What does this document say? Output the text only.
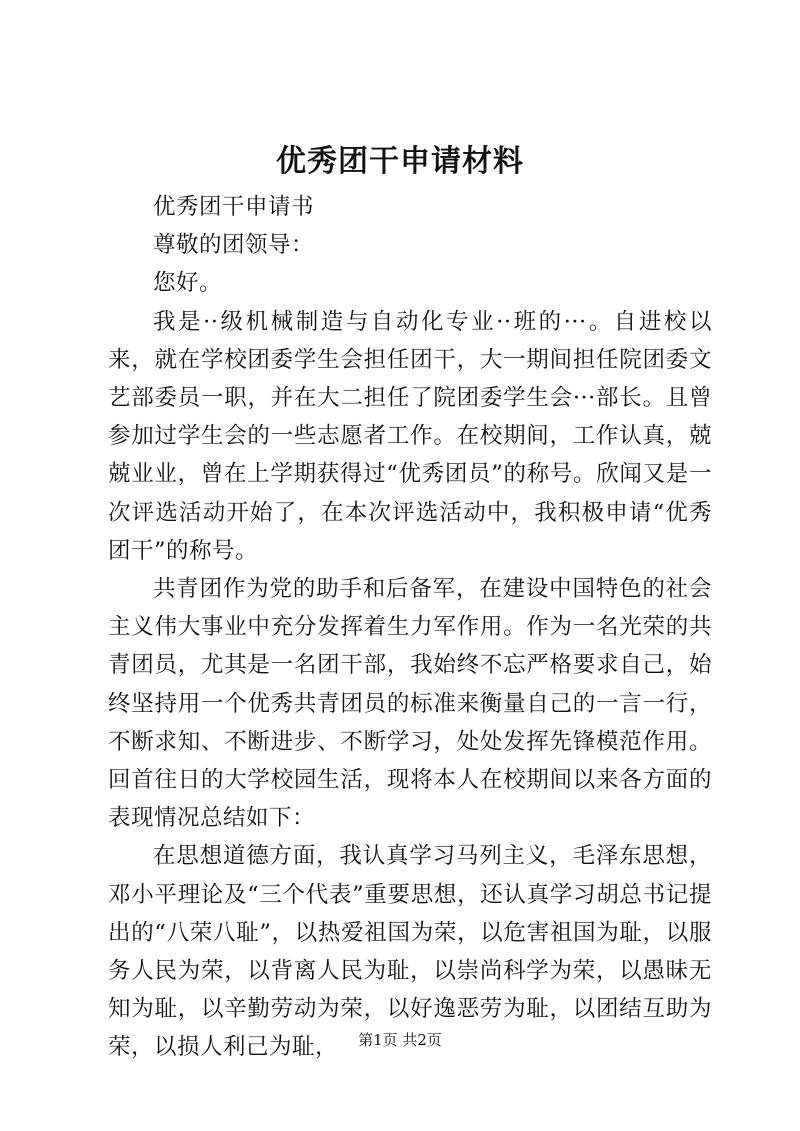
优秀团干申请材料

优秀团干申请书

尊敬的团领导：

您好。

我是··级机械制造与自动化专业··班的···。自进校以来，就在学校团委学生会担任团干，大一期间担任院团委文艺部委员一职，并在大二担任了院团委学生会···部长。且曾参加过学生会的一些志愿者工作。在校期间，工作认真，兢兢业业，曾在上学期获得过“优秀团员”的称号。欣闻又是一次评选活动开始了，在本次评选活动中，我积极申请“优秀团干”的称号。

共青团作为党的助手和后备军，在建设中国特色的社会主义伟大事业中充分发挥着生力军作用。作为一名光荣的共青团员，尤其是一名团干部，我始终不忘严格要求自己，始终坚持用一个优秀共青团员的标准来衡量自己的一言一行，不断求知、不断进步、不断学习，处处发挥先锋模范作用。回首往日的大学校园生活，现将本人在校期间以来各方面的表现情况总结如下：

在思想道德方面，我认真学习马列主义，毛泽东思想，邓小平理论及“三个代表”重要思想，还认真学习胡总书记提出的“八荣八耻”，以热爱祖国为荣，以危害祖国为耻，以服务人民为荣，以背离人民为耻，以崇尚科学为荣，以愚昧无知为耻，以辛勤劳动为荣，以好逸恶劳为耻，以团结互助为荣，以损人利己为耻，	第1页 共2页
